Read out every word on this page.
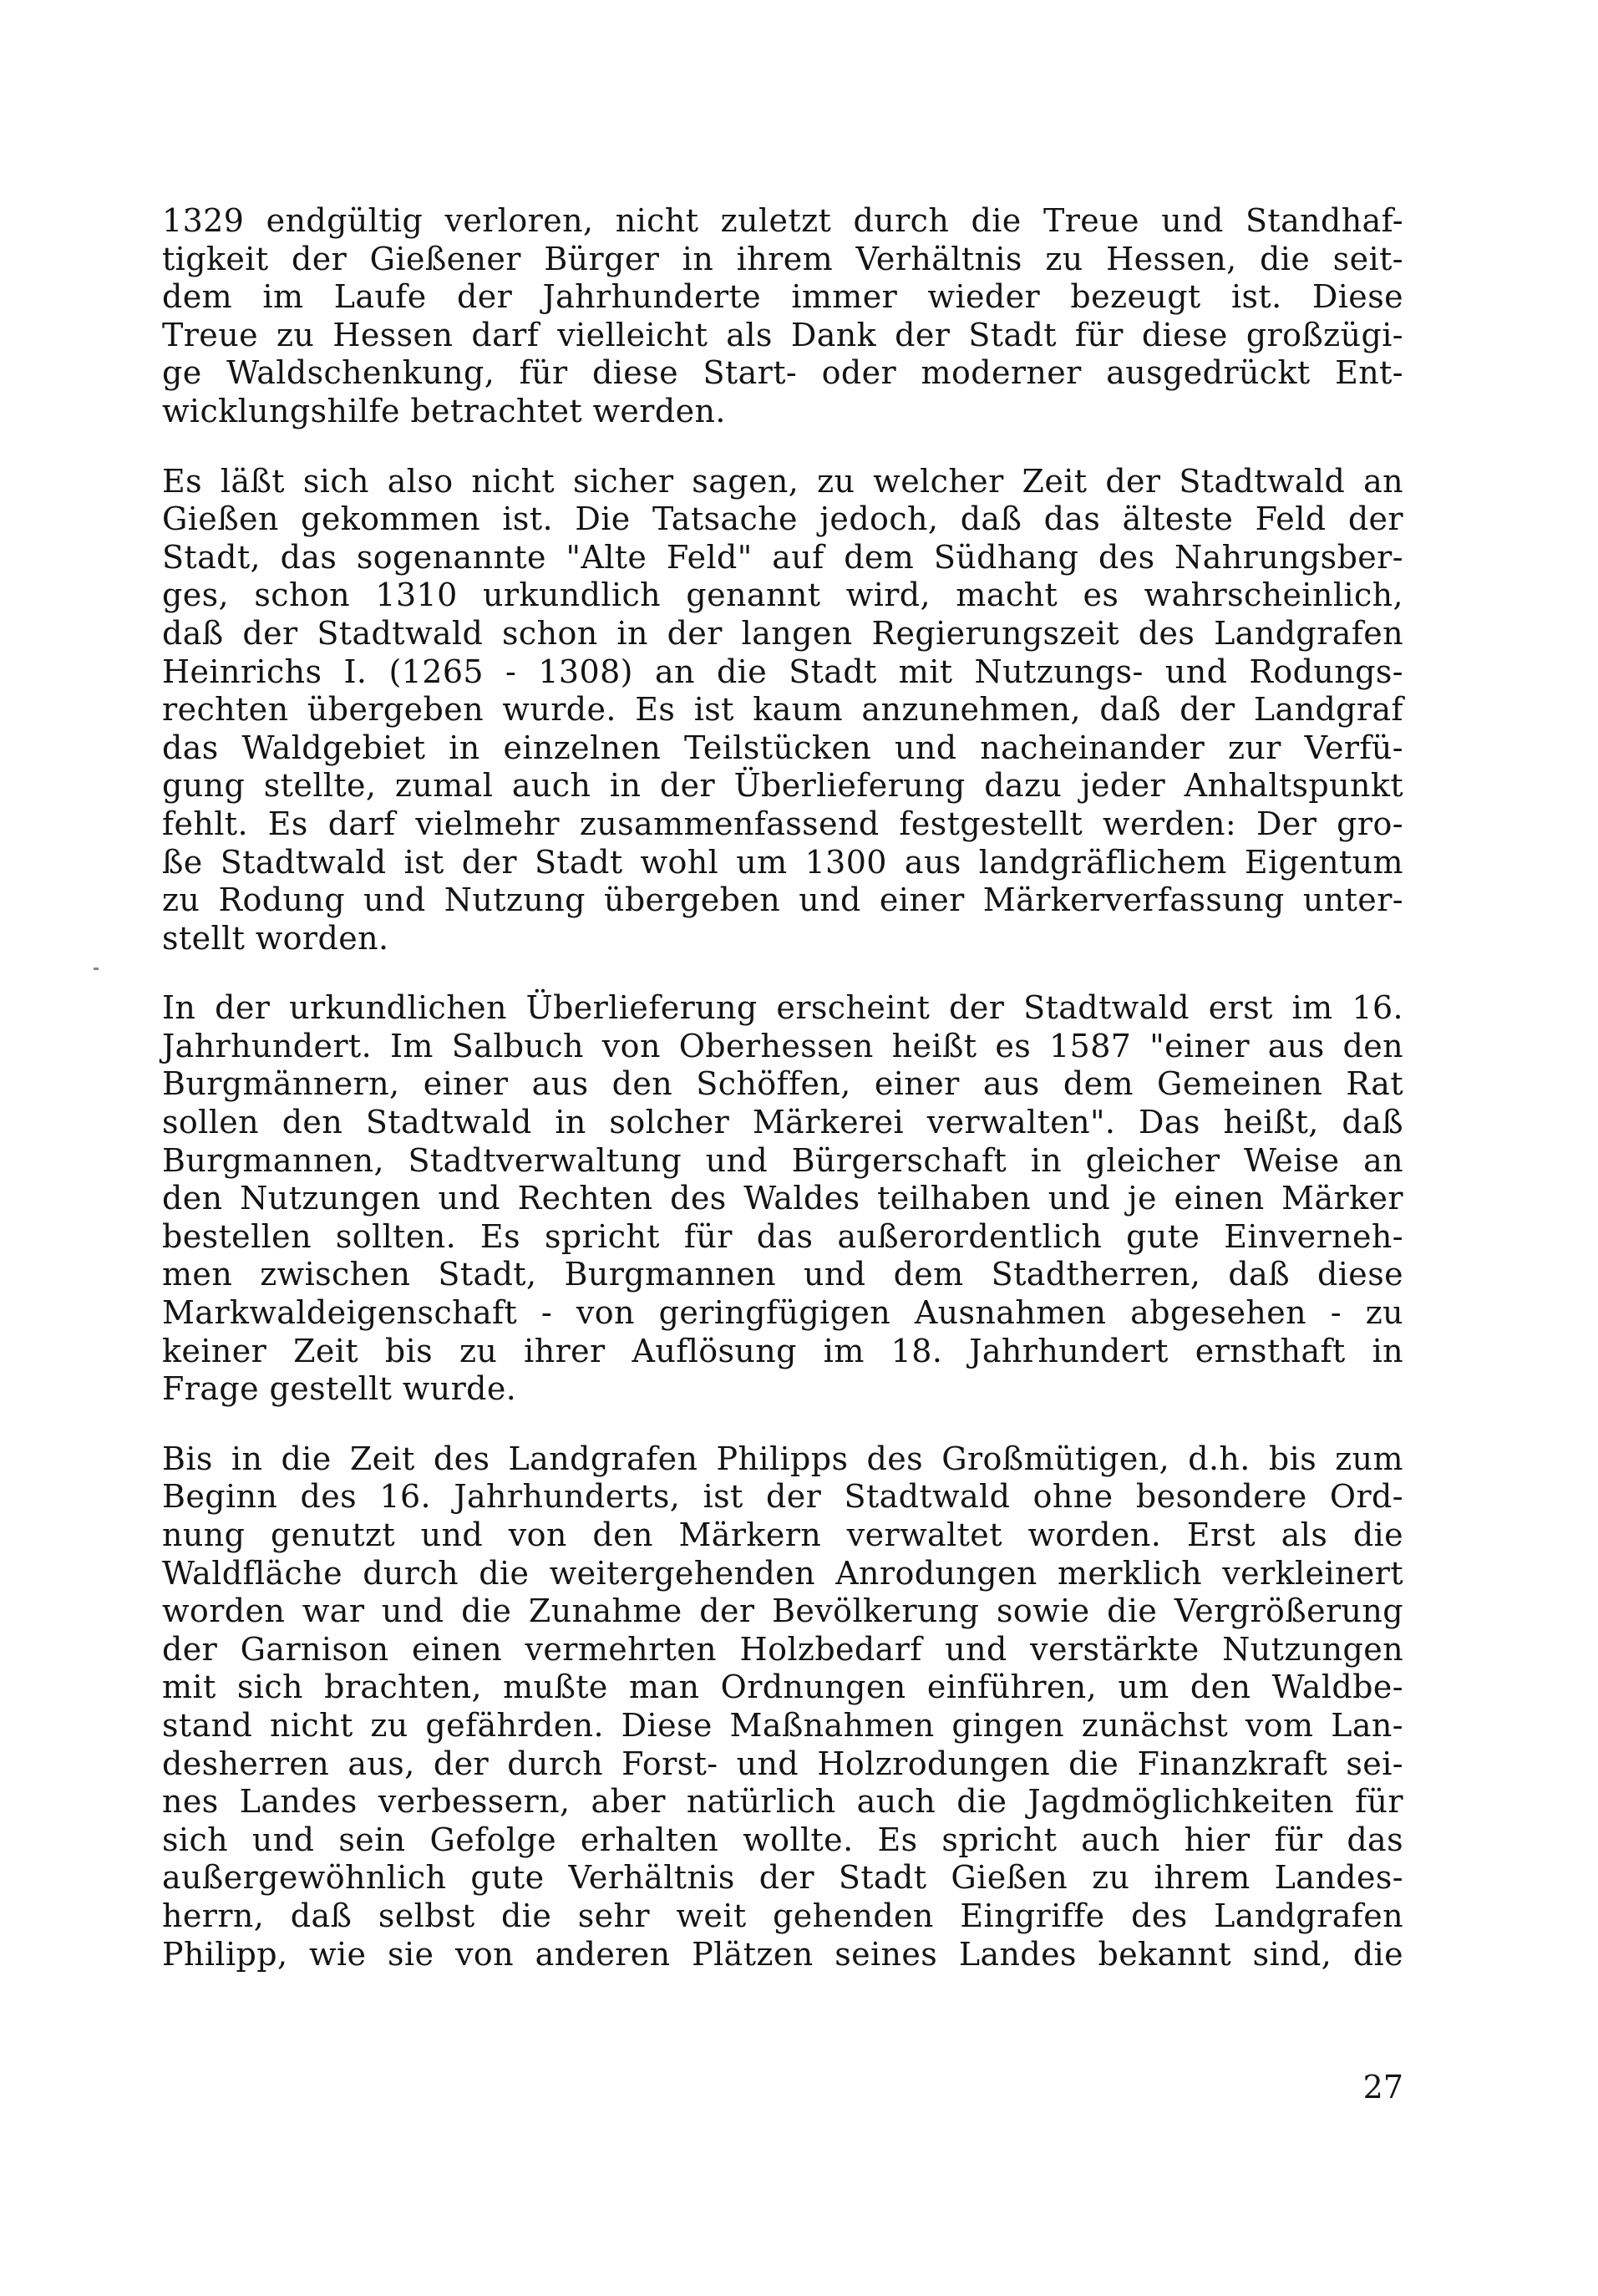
1329 endgültig verloren, nicht zuletzt durch die Treue und Standhaf-
tigkeit der Gießener Bürger in ihrem Verhältnis zu Hessen, die seit-
dem im Laufe der Jahrhunderte immer wieder bezeugt ist. Diese
Treue zu Hessen darf vielleicht als Dank der Stadt für diese großzügi-
ge Waldschenkung, für diese Start- oder moderner ausgedrückt Ent-
wicklungshilfe betrachtet werden.

Es läßt sich also nicht sicher sagen, zu welcher Zeit der Stadtwald an
Gießen gekommen ist. Die Tatsache jedoch, daß das älteste Feld der
Stadt, das sogenannte "Alte Feld" auf dem Südhang des Nahrungsber-
ges, schon 1310 urkundlich genannt wird, macht es wahrscheinlich,
daß der Stadtwald schon in der langen Regierungszeit des Landgrafen
Heinrichs I. (1265 - 1308) an die Stadt mit Nutzungs- und Rodungs-
rechten übergeben wurde. Es ist kaum anzunehmen, daß der Landgraf
das Waldgebiet in einzelnen Teilstücken und nacheinander zur Verfü-
gung stellte, zumal auch in der Überlieferung dazu jeder Anhaltspunkt
fehlt. Es darf vielmehr zusammenfassend festgestellt werden: Der gro-
ße Stadtwald ist der Stadt wohl um 1300 aus landgräflichem Eigentum
zu Rodung und Nutzung übergeben und einer Märkerverfassung unter-
stellt worden.

In der urkundlichen Überlieferung erscheint der Stadtwald erst im 16.
Jahrhundert. Im Salbuch von Oberhessen heißt es 1587 "einer aus den
Burgmännern, einer aus den Schöffen, einer aus dem Gemeinen Rat
sollen den Stadtwald in solcher Märkerei verwalten". Das heißt, daß
Burgmannen, Stadtverwaltung und Bürgerschaft in gleicher Weise an
den Nutzungen und Rechten des Waldes teilhaben und je einen Märker
bestellen sollten. Es spricht für das außerordentlich gute Einverneh-
men zwischen Stadt, Burgmannen und dem Stadtherren, daß diese
Markwaldeigenschaft - von geringfügigen Ausnahmen abgesehen - zu
keiner Zeit bis zu ihrer Auflösung im 18. Jahrhundert ernsthaft in
Frage gestellt wurde.

Bis in die Zeit des Landgrafen Philipps des Großmütigen, d.h. bis zum
Beginn des 16. Jahrhunderts, ist der Stadtwald ohne besondere Ord-
nung genutzt und von den Märkern verwaltet worden. Erst als die
Waldfläche durch die weitergehenden Anrodungen merklich verkleinert
worden war und die Zunahme der Bevölkerung sowie die Vergrößerung
der Garnison einen vermehrten Holzbedarf und verstärkte Nutzungen
mit sich brachten, mußte man Ordnungen einführen, um den Waldbe-
stand nicht zu gefährden. Diese Maßnahmen gingen zunächst vom Lan-
desherren aus, der durch Forst- und Holzrodungen die Finanzkraft sei-
nes Landes verbessern, aber natürlich auch die Jagdmöglichkeiten für
sich und sein Gefolge erhalten wollte. Es spricht auch hier für das
außergewöhnlich gute Verhältnis der Stadt Gießen zu ihrem Landes-
herrn, daß selbst die sehr weit gehenden Eingriffe des Landgrafen
Philipp, wie sie von anderen Plätzen seines Landes bekannt sind, die

27
